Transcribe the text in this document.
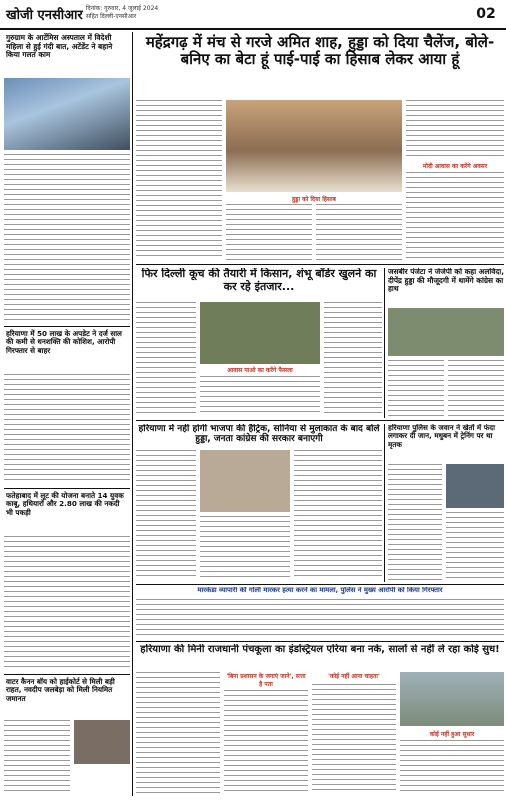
खोजी एनसीआर दिनांक: गुरुवार, 4 जुलाई 2024
सहित दिल्ली-एनसीआर	02
गुरुग्राम के आर्टेमिस अस्पताल में विदेशी महिला से हुई गंदी बात, अटेंडेंट ने बहाने किया गलत काम
हरियाणा में 50 लाख के अपडेट ने दर्ज साल की कमी से धनशक्ति की कोशिश, आरोपी गिरफ्तार से बाहर
फतेहाबाद में लूट की योजना बनाते 14 युवक काबू, हथियारों और 2.80 लाख की नकदी भी पकड़ी
वाटर कैनन बॉय को हाईकोर्ट से मिली बड़ी राहत, नवदीप जलबेड़ा को मिली नियमित जमानत
महेंद्रगढ़ में मंच से गरजे अमित शाह, हुड्डा को दिया चैलेंज, बोले- बनिए का बेटा हूं पाई-पाई का हिसाब लेकर आया हूं
हुड्डा को दिया हिसाब
मोदी आवास का करेंगे अवसर
फिर दिल्ली कूच की तैयारी में किसान, शंभू बॉर्डर खुलने का कर रहे इंतजार...
आवास पाओ का करेंगे फैसला
जसबीर पंजेटा ने जेजेपी को कहा अलविदा, दीपेंद्र हुड्डा की मौजूदगी में थामेंगे कांग्रेस का हाथ
हरियाणा में नहीं होगी भाजपा की हैट्रिक, सोनिया से मुलाकात के बाद बोले हुड्डा, जनता कांग्रेस की सरकार बनाएगी
हरियाणा पुलिस के जवान ने खेतों में फंदा लगाकर दी जान, मधुबन में ट्रेनिंग पर था मृतक
मारकेंडा व्यापारी की गोली मारकर हत्या करने का मामला, पुलिस ने मुख्य आरोपी को किया गिरफ्तार
हरियाणा की मिनी राजधानी पंचकूला का इंडस्ट्रियल एरिया बना नर्क, सालों से नहीं ले रहा कोई सुध!
'बिना प्रशासन के जगाएं जाने', सत्ता है पता
'कोई नहीं आना चाहता'
कोई नहीं हुआ सुधार
